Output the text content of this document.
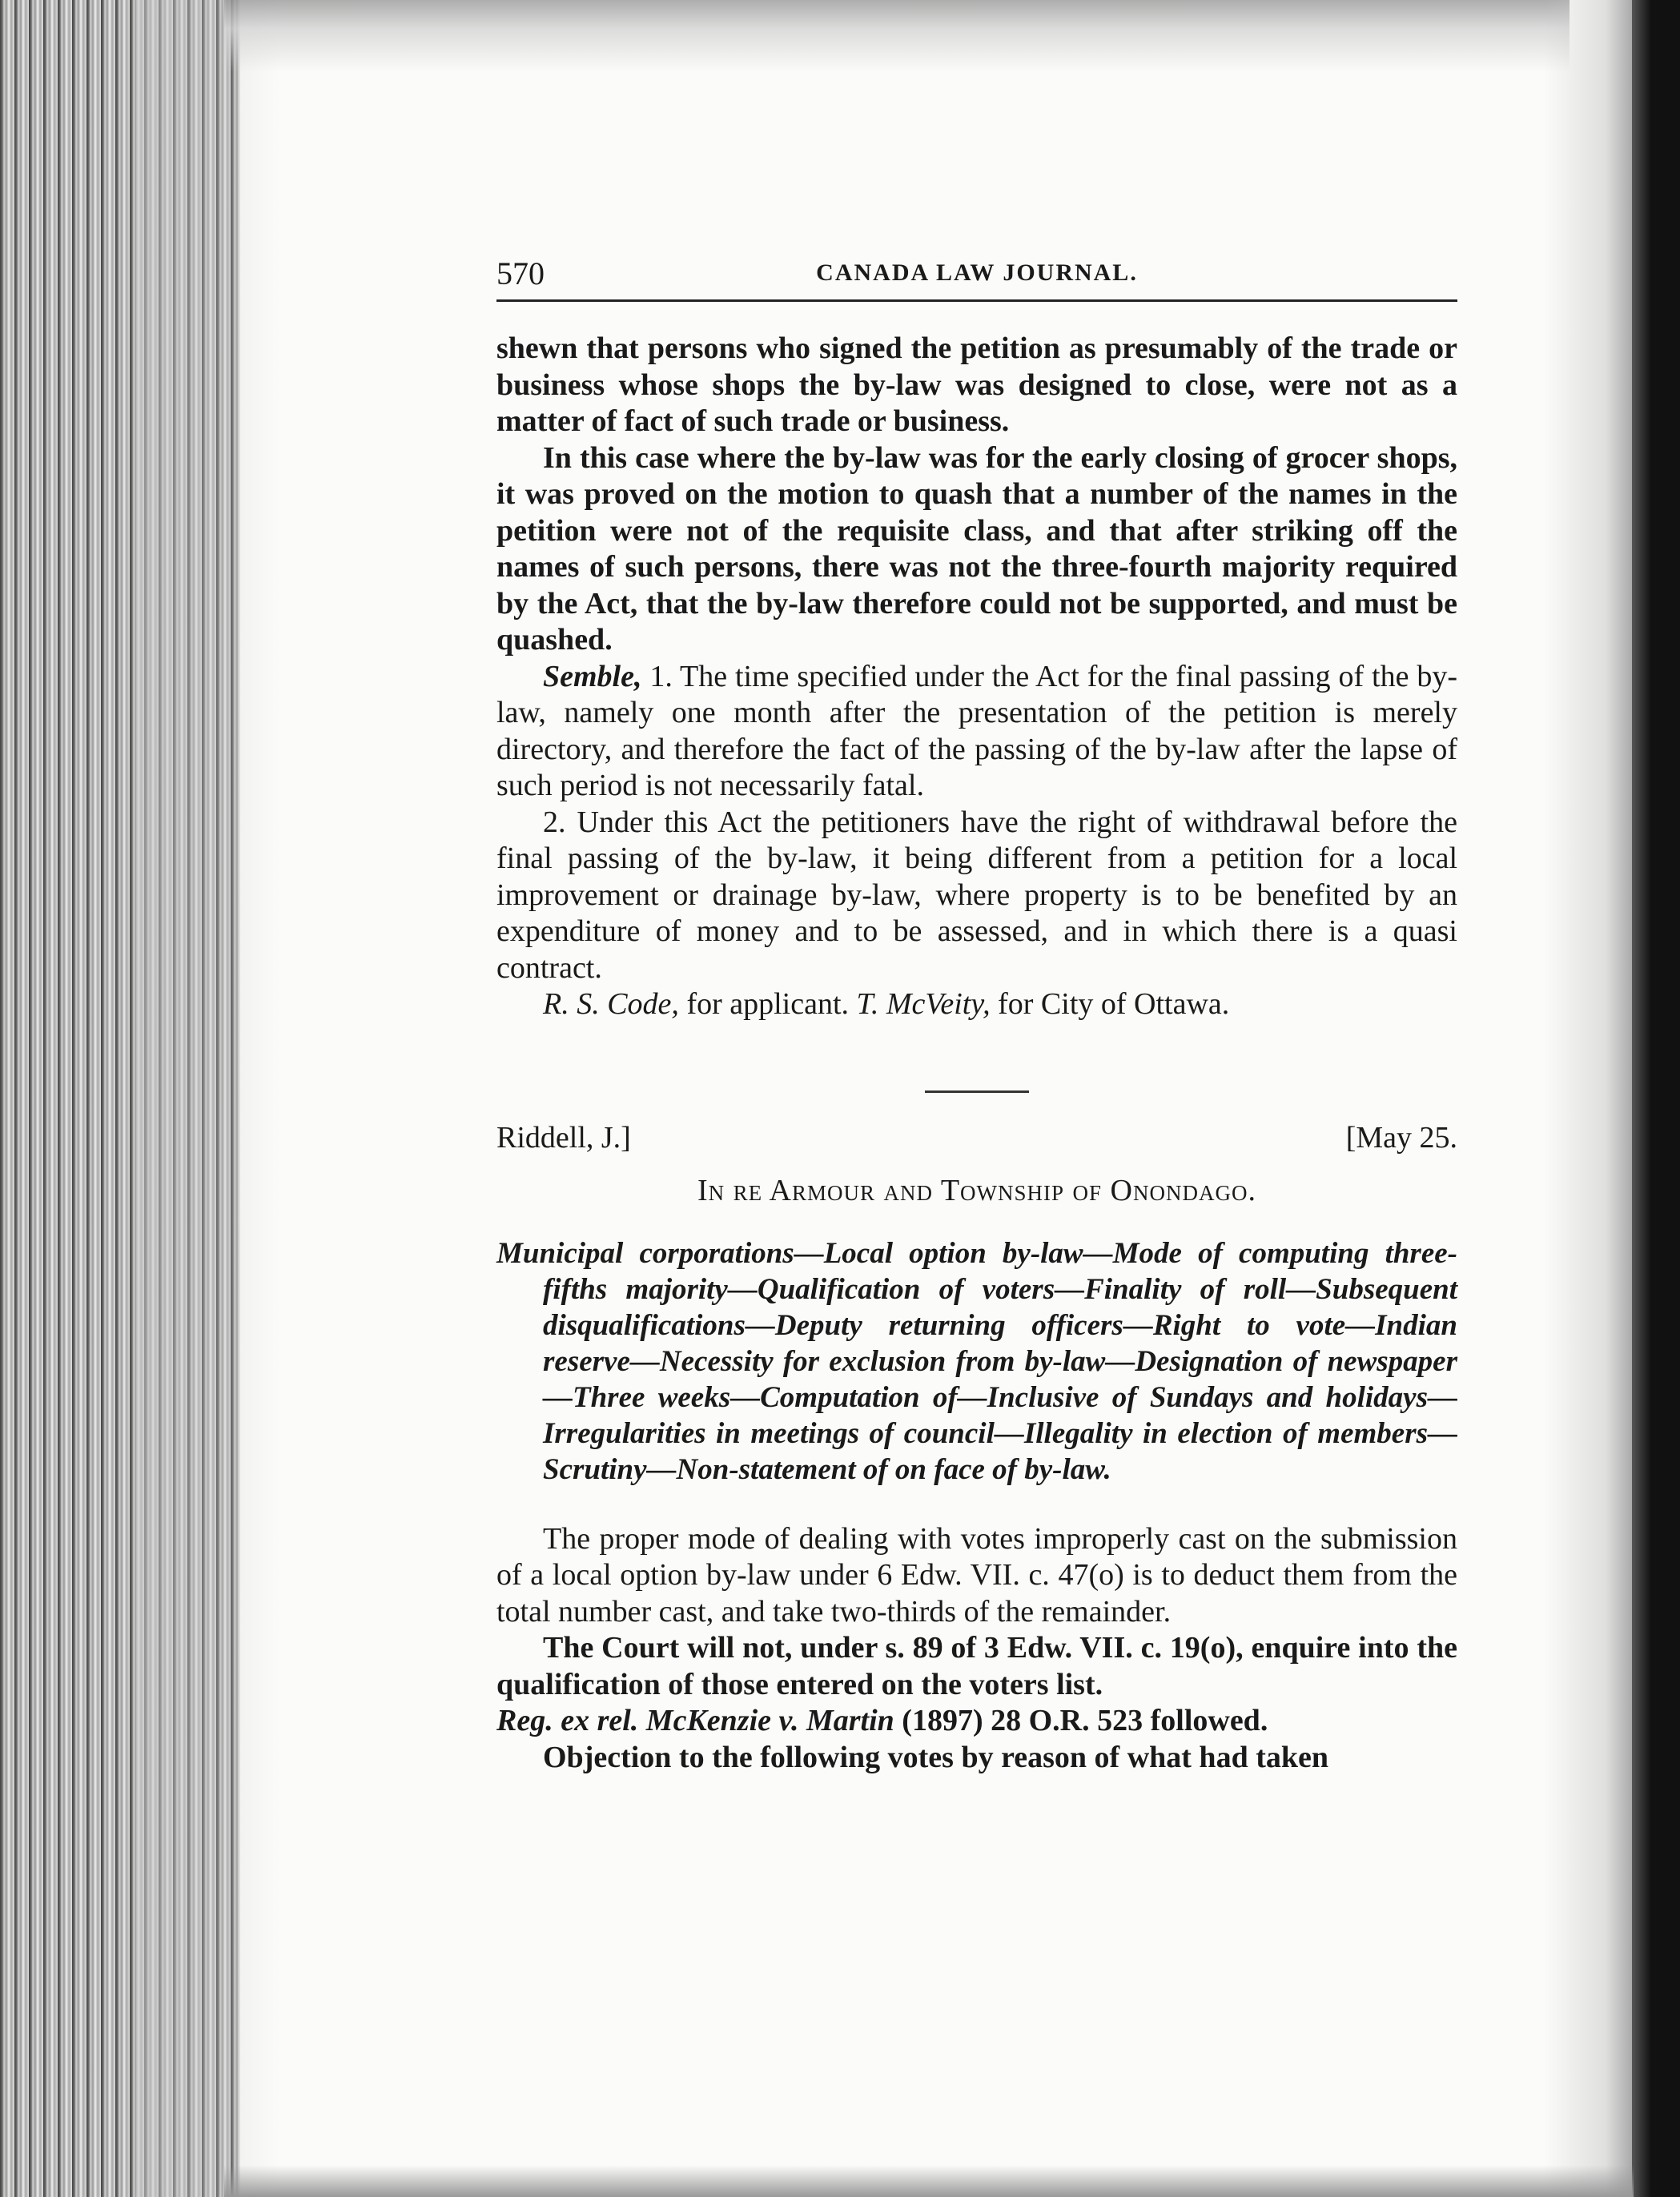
570	CANADA LAW JOURNAL.

shewn that persons who signed the petition as presumably of the trade or business whose shops the by-law was designed to close, were not as a matter of fact of such trade or business.

In this case where the by-law was for the early closing of grocer shops, it was proved on the motion to quash that a number of the names in the petition were not of the requisite class, and that after striking off the names of such persons, there was not the three-fourth majority required by the Act, that the by-law therefore could not be supported, and must be quashed.

Semble, 1. The time specified under the Act for the final passing of the by-law, namely one month after the presentation of the petition is merely directory, and therefore the fact of the passing of the by-law after the lapse of such period is not necessarily fatal.

2. Under this Act the petitioners have the right of withdrawal before the final passing of the by-law, it being different from a petition for a local improvement or drainage by-law, where property is to be benefited by an expenditure of money and to be assessed, and in which there is a quasi contract.

R. S. Code, for applicant. T. McVeity, for City of Ottawa.

Riddell, J.]	[May 25.
In re Armour and Township of Onondago.

Municipal corporations—Local option by-law—Mode of computing three-fifths majority—Qualification of voters—Finality of roll—Subsequent disqualifications—Deputy returning officers—Right to vote—Indian reserve—Necessity for exclusion from by-law—Designation of newspaper—Three weeks—Computation of—Inclusive of Sundays and holidays—Irregularities in meetings of council—Illegality in election of members—Scrutiny—Non-statement of on face of by-law.

The proper mode of dealing with votes improperly cast on the submission of a local option by-law under 6 Edw. VII. c. 47(o) is to deduct them from the total number cast, and take two-thirds of the remainder.

The Court will not, under s. 89 of 3 Edw. VII. c. 19(o), enquire into the qualification of those entered on the voters list.

Reg. ex rel. McKenzie v. Martin (1897) 28 O.R. 523 followed.

Objection to the following votes by reason of what had taken
